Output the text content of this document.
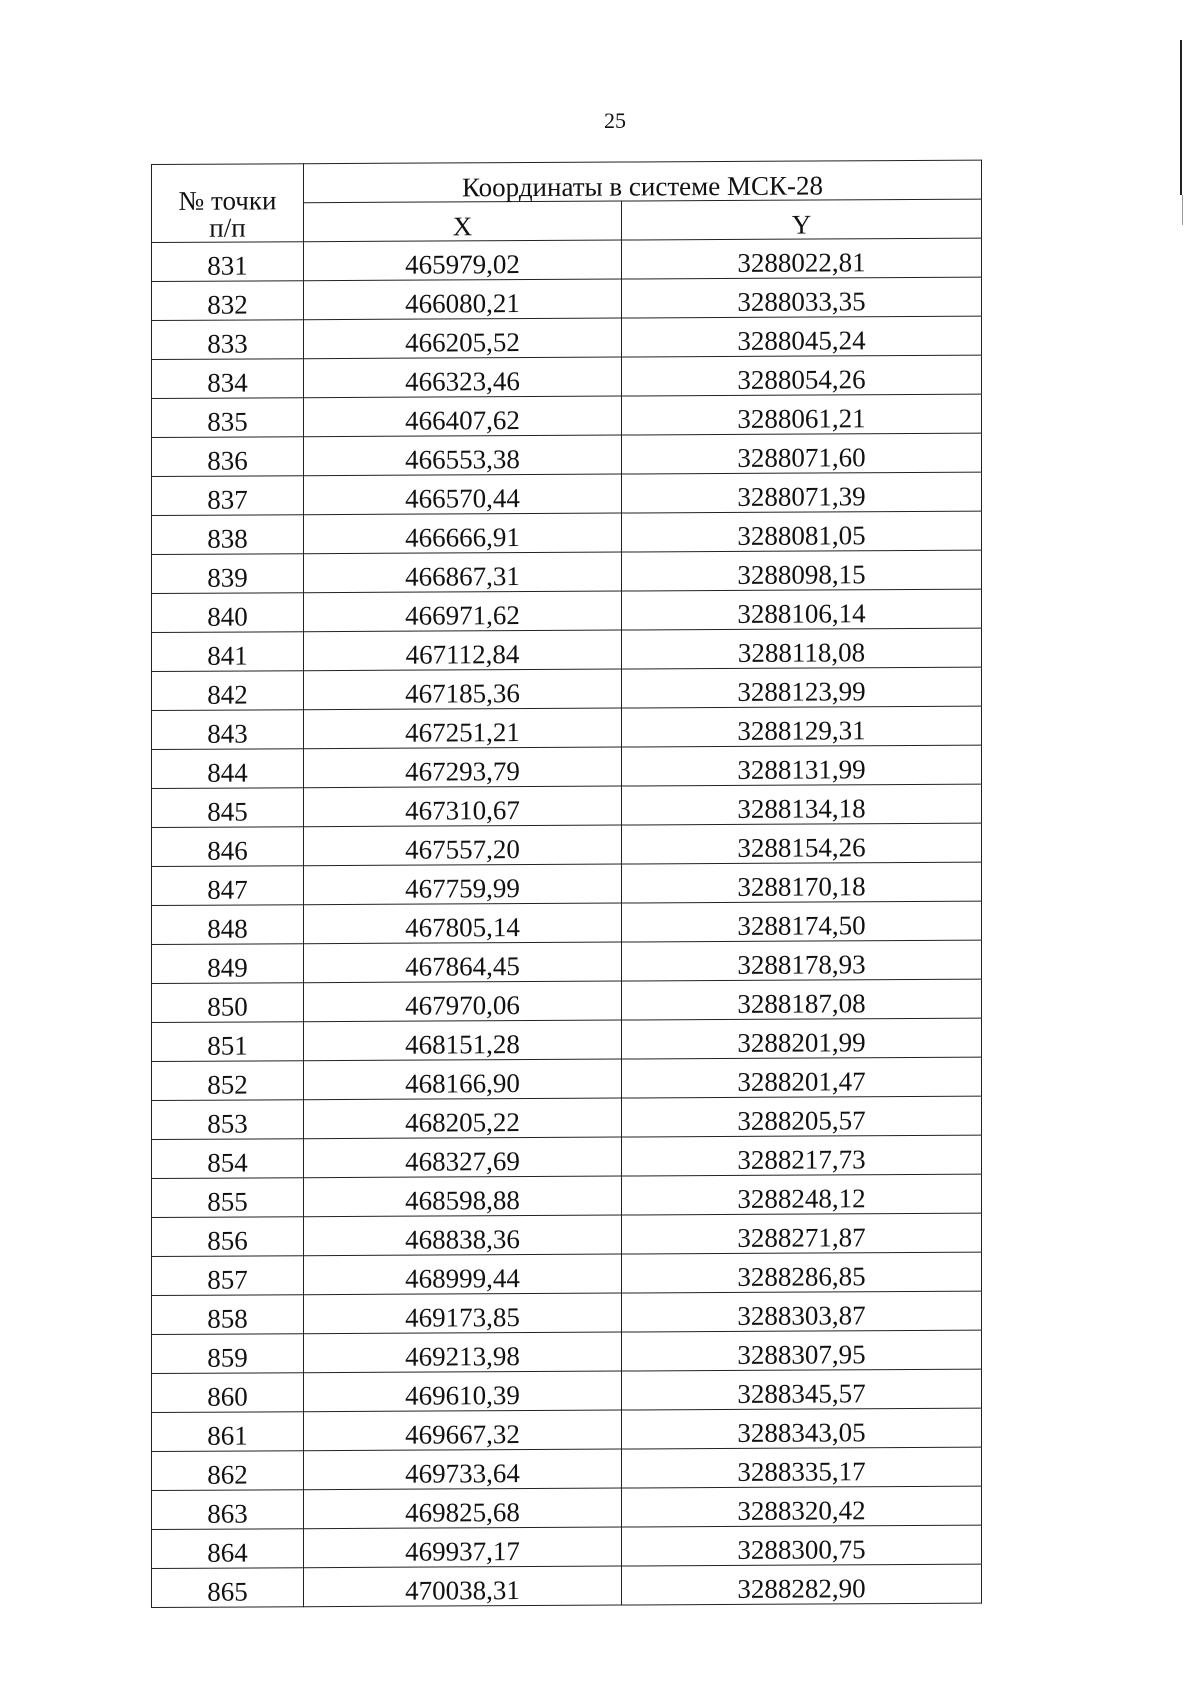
25
№ точки
п/п	Координаты в системе МСК-28	
	X	Y
831	465979,02	3288022,81
832	466080,21	3288033,35
833	466205,52	3288045,24
834	466323,46	3288054,26
835	466407,62	3288061,21
836	466553,38	3288071,60
837	466570,44	3288071,39
838	466666,91	3288081,05
839	466867,31	3288098,15
840	466971,62	3288106,14
841	467112,84	3288118,08
842	467185,36	3288123,99
843	467251,21	3288129,31
844	467293,79	3288131,99
845	467310,67	3288134,18
846	467557,20	3288154,26
847	467759,99	3288170,18
848	467805,14	3288174,50
849	467864,45	3288178,93
850	467970,06	3288187,08
851	468151,28	3288201,99
852	468166,90	3288201,47
853	468205,22	3288205,57
854	468327,69	3288217,73
855	468598,88	3288248,12
856	468838,36	3288271,87
857	468999,44	3288286,85
858	469173,85	3288303,87
859	469213,98	3288307,95
860	469610,39	3288345,57
861	469667,32	3288343,05
862	469733,64	3288335,17
863	469825,68	3288320,42
864	469937,17	3288300,75
865	470038,31	3288282,90
